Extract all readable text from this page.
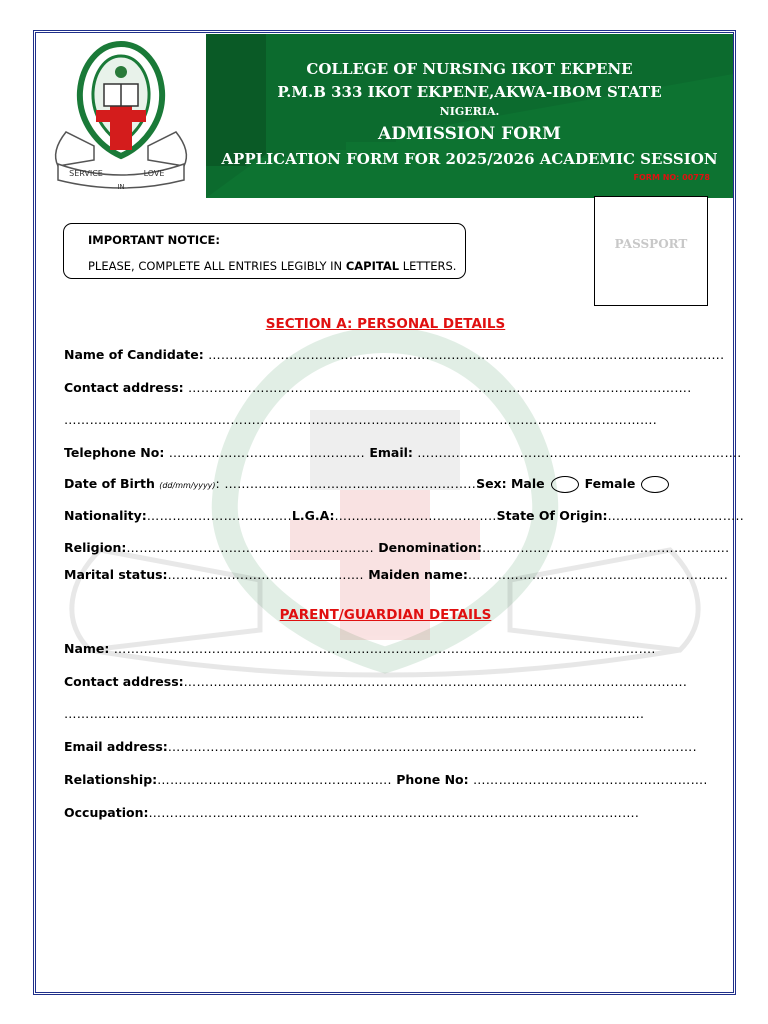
SERVICE
IN
LOVE
COLLEGE OF NURSING IKOT EKPENE
P.M.B 333 IKOT EKPENE,AKWA-IBOM STATE
NIGERIA.
ADMISSION FORM
APPLICATION FORM FOR 2025/2026 ACADEMIC SESSION
FORM NO: 00778
PASSPORT
IMPORTANT NOTICE:
PLEASE, COMPLETE ALL ENTRIES LEGIBLY IN CAPITAL LETTERS.
SECTION A: PERSONAL DETAILS
Name of Candidate: ………………………………………………………………………………………………………….
Contact address: ……………………………………………………………………………………………………….
………………………………………………………………………………………………………………………….
Telephone No: ………………………………………. Email: ………………………………………………………………….
Date of Birth (dd/mm/yyyy): …………………………………………………..Sex: Male	Female
Nationality:…………………………….L.G.A:………………………………..State Of Origin:…………………………..
Religion:…………………………………………………. Denomination:………………………………………………….
Marital status:………………………………………. Maiden name:…………………………………………………….
PARENT/GUARDIAN DETAILS
Name: ……………………………………………………………………………………………………………….
Contact address:……………………………………………………………………………………………………….
……………………………………………………………………………………………………………………….
Email address:…………………………………………………………………………………………………………….
Relationship:………………………………………………. Phone No: ……………………………………………….
Occupation:…………………………………………………………………………………………………….
